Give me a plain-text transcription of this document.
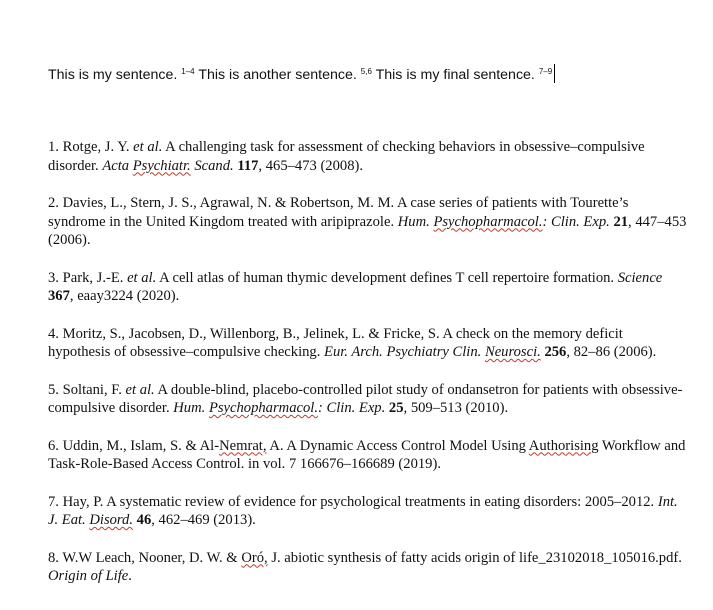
This is my sentence. $^{1-4}$ This is another sentence. $^{5,6}$ This is my final sentence. $^{7-9}$

1. Rotge, J. Y. et al. A challenging task for assessment of checking behaviors in obsessive–compulsive disorder. Acta Psychiatr. Scand. 117, 465–473 (2008).

2. Davies, L., Stern, J. S., Agrawal, N. & Robertson, M. M. A case series of patients with Tourette’s syndrome in the United Kingdom treated with aripiprazole. Hum. Psychopharmacol.: Clin. Exp. 21, 447–453 (2006).

3. Park, J.-E. et al. A cell atlas of human thymic development defines T cell repertoire formation. Science 367, eaay3224 (2020).

4. Moritz, S., Jacobsen, D., Willenborg, B., Jelinek, L. & Fricke, S. A check on the memory deficit hypothesis of obsessive–compulsive checking. Eur. Arch. Psychiatry Clin. Neurosci. 256, 82–86 (2006).

5. Soltani, F. et al. A double-blind, placebo-controlled pilot study of ondansetron for patients with obsessive-compulsive disorder. Hum. Psychopharmacol.: Clin. Exp. 25, 509–513 (2010).

6. Uddin, M., Islam, S. & Al-Nemrat, A. A Dynamic Access Control Model Using Authorising Workflow and Task-Role-Based Access Control. in vol. 7 166676–166689 (2019).

7. Hay, P. A systematic review of evidence for psychological treatments in eating disorders: 2005–2012. Int. J. Eat. Disord. 46, 462–469 (2013).

8. W.W Leach, Nooner, D. W. & Oró, J. abiotic synthesis of fatty acids origin of life_23102018_105016.pdf. Origin of Life.
